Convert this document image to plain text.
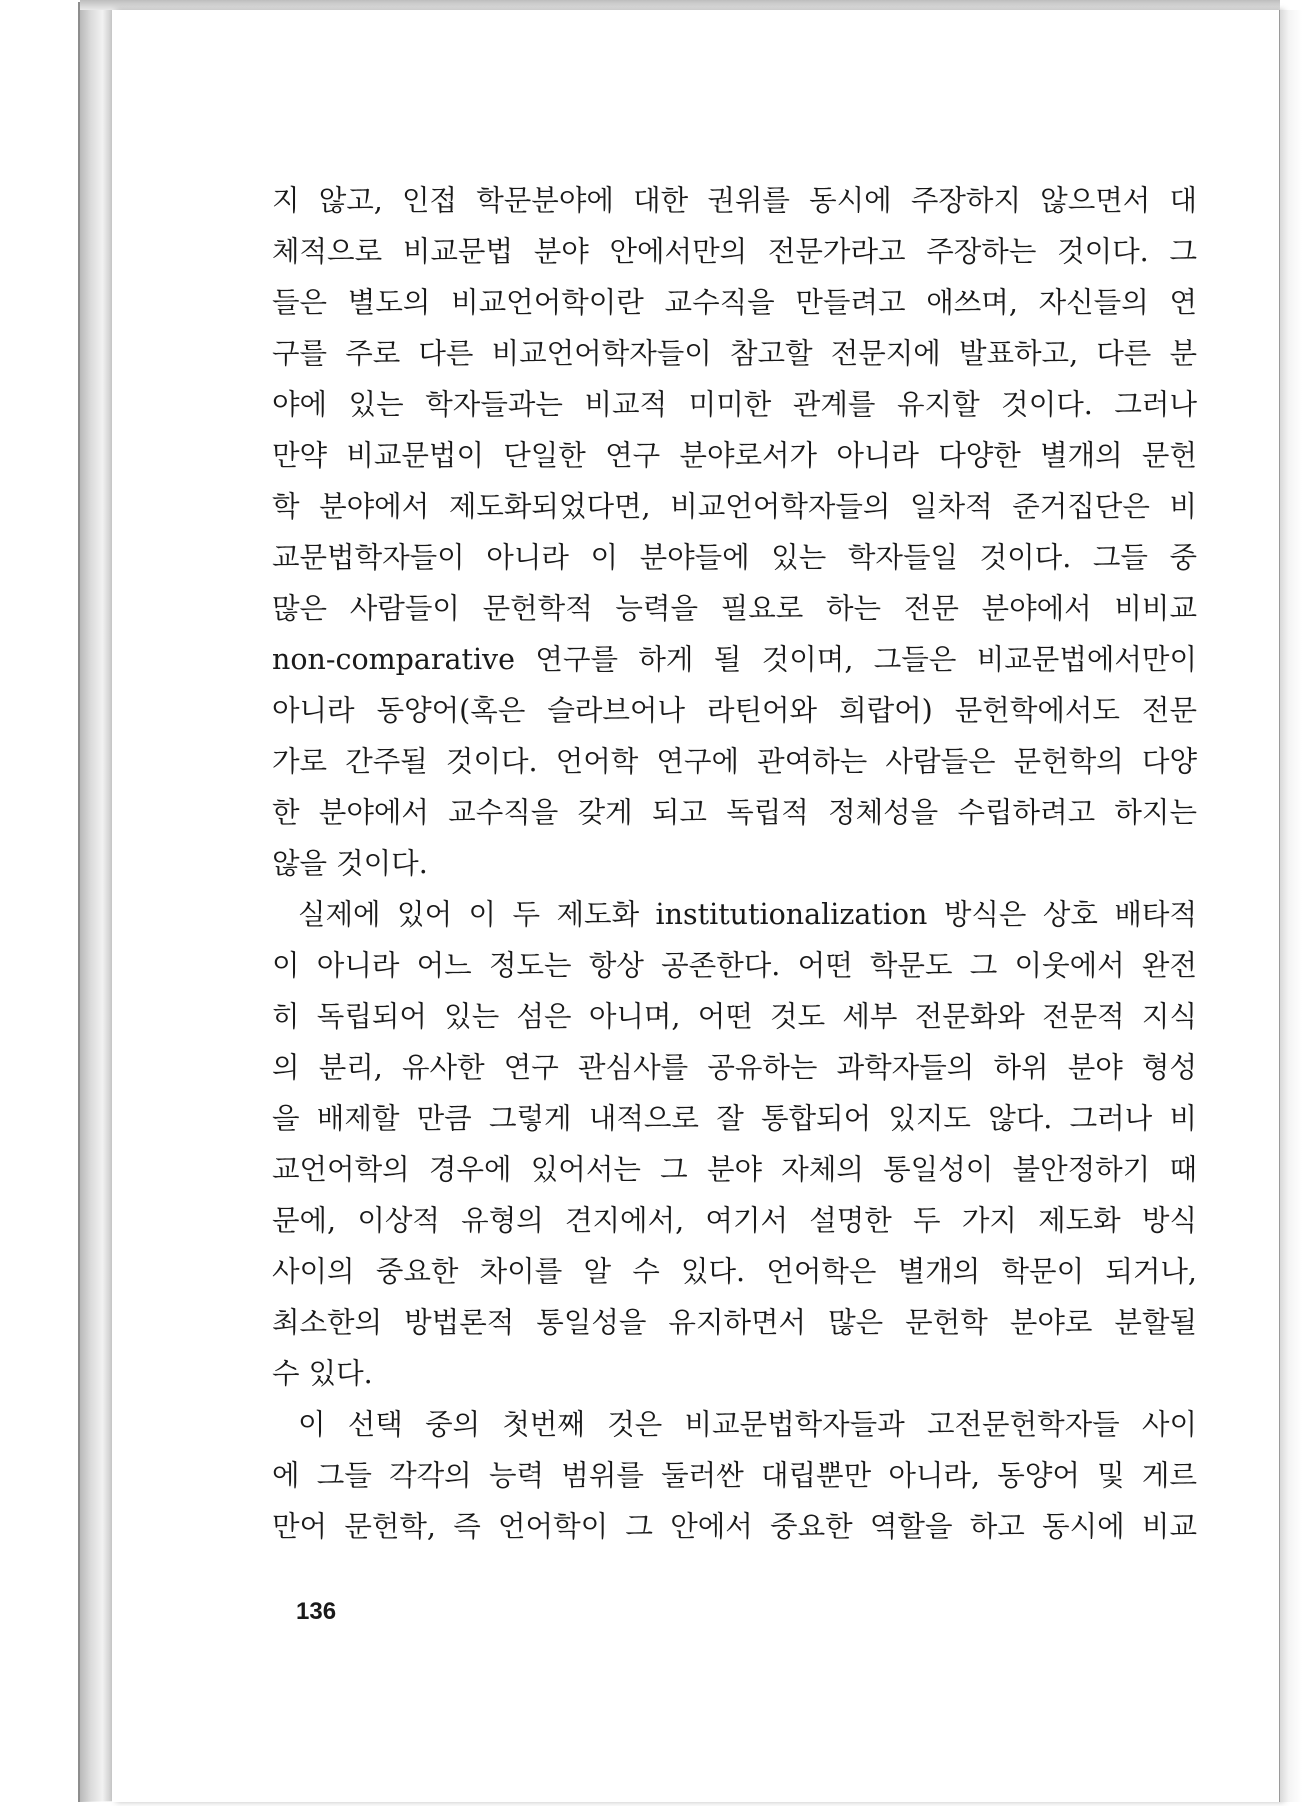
지 않고, 인접 학문분야에 대한 권위를 동시에 주장하지 않으면서 대
체적으로 비교문법 분야 안에서만의 전문가라고 주장하는 것이다. 그
들은 별도의 비교언어학이란 교수직을 만들려고 애쓰며, 자신들의 연
구를 주로 다른 비교언어학자들이 참고할 전문지에 발표하고, 다른 분
야에 있는 학자들과는 비교적 미미한 관계를 유지할 것이다. 그러나
만약 비교문법이 단일한 연구 분야로서가 아니라 다양한 별개의 문헌
학 분야에서 제도화되었다면, 비교언어학자들의 일차적 준거집단은 비
교문법학자들이 아니라 이 분야들에 있는 학자들일 것이다. 그들 중
많은 사람들이 문헌학적 능력을 필요로 하는 전문 분야에서 비비교
non-comparative 연구를 하게 될 것이며, 그들은 비교문법에서만이
아니라 동양어(혹은 슬라브어나 라틴어와 희랍어) 문헌학에서도 전문
가로 간주될 것이다. 언어학 연구에 관여하는 사람들은 문헌학의 다양
한 분야에서 교수직을 갖게 되고 독립적 정체성을 수립하려고 하지는
않을 것이다.
실제에 있어 이 두 제도화 institutionalization 방식은 상호 배타적
이 아니라 어느 정도는 항상 공존한다. 어떤 학문도 그 이웃에서 완전
히 독립되어 있는 섬은 아니며, 어떤 것도 세부 전문화와 전문적 지식
의 분리, 유사한 연구 관심사를 공유하는 과학자들의 하위 분야 형성
을 배제할 만큼 그렇게 내적으로 잘 통합되어 있지도 않다. 그러나 비
교언어학의 경우에 있어서는 그 분야 자체의 통일성이 불안정하기 때
문에, 이상적 유형의 견지에서, 여기서 설명한 두 가지 제도화 방식
사이의 중요한 차이를 알 수 있다. 언어학은 별개의 학문이 되거나,
최소한의 방법론적 통일성을 유지하면서 많은 문헌학 분야로 분할될
수 있다.
이 선택 중의 첫번째 것은 비교문법학자들과 고전문헌학자들 사이
에 그들 각각의 능력 범위를 둘러싼 대립뿐만 아니라, 동양어 및 게르
만어 문헌학, 즉 언어학이 그 안에서 중요한 역할을 하고 동시에 비교
136
